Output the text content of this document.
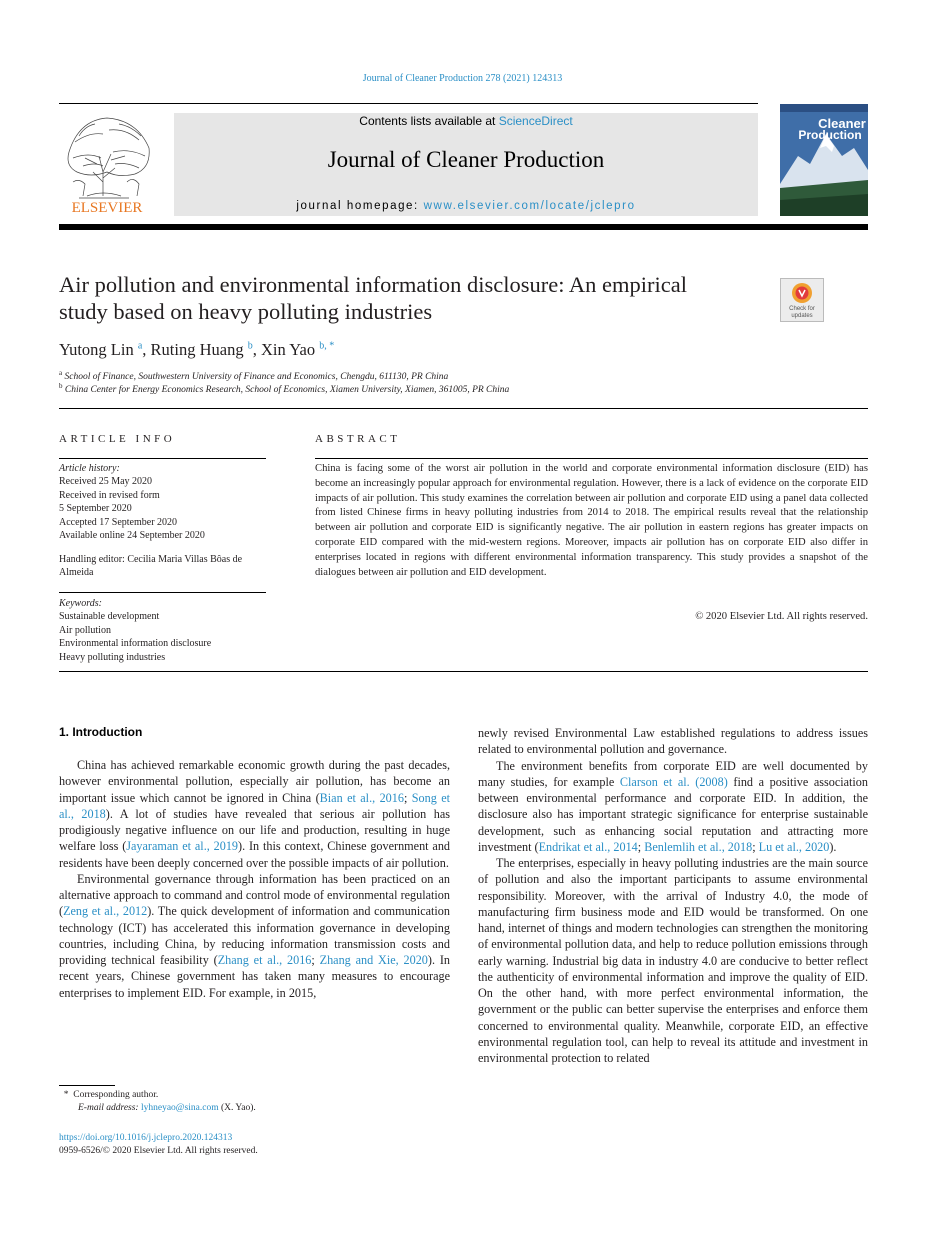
Journal of Cleaner Production 278 (2021) 124313
ELSEVIER
Contents lists available at ScienceDirect
Journal of Cleaner Production
journal homepage: www.elsevier.com/locate/jclepro
Cleaner
Production
Air pollution and environmental information disclosure: An empirical
study based on heavy polluting industries	Check for
updates
Yutong Lin $^a$, Ruting Huang $^b$, Xin Yao $^{b, *}$
$^a$ School of Finance, Southwestern University of Finance and Economics, Chengdu, 611130, PR China
$^b$ China Center for Energy Economics Research, School of Economics, Xiamen University, Xiamen, 361005, PR China
ARTICLE INFO
Article history:
Received 25 May 2020
Received in revised form
5 September 2020
Accepted 17 September 2020
Available online 24 September 2020
Handling editor: Cecilia Maria Villas Bôas de
Almeida
Keywords:
Sustainable development
Air pollution
Environmental information disclosure
Heavy polluting industries
ABSTRACT
China is facing some of the worst air pollution in the world and corporate environmental information disclosure (EID) has become an increasingly popular approach for environmental regulation. However, there is a lack of evidence on the corporate EID impacts of air pollution. This study examines the correlation between air pollution and corporate EID using a panel data collected from listed Chinese firms in heavy polluting industries from 2014 to 2018. The empirical results reveal that the relationship between air pollution and corporate EID is significantly negative. The air pollution in eastern regions has greater impacts on corporate EID compared with the mid-western regions. Moreover, impacts air pollution has on corporate EID also differ in enterprises located in regions with different environmental information transparency. This study provides a snapshot of the dialogues between air pollution and EID development.
© 2020 Elsevier Ltd. All rights reserved.
1. Introduction

China has achieved remarkable economic growth during the past decades, however environmental pollution, especially air pollution, has become an important issue which cannot be ignored in China (Bian et al., 2016; Song et al., 2018). A lot of studies have revealed that serious air pollution has prodigiously negative influence on our life and production, resulting in huge welfare loss (Jayaraman et al., 2019). In this context, Chinese government and residents have been deeply concerned over the possible impacts of air pollution.

Environmental governance through information has been practiced on an alternative approach to command and control mode of environmental regulation (Zeng et al., 2012). The quick development of information and communication technology (ICT) has accelerated this information governance in developing countries, including China, by reducing information transmission costs and providing technical feasibility (Zhang et al., 2016; Zhang and Xie, 2020). In recent years, Chinese government has taken many measures to encourage enterprises to implement EID. For example, in 2015,

newly revised Environmental Law established regulations to address issues related to environmental pollution and governance.

The environment benefits from corporate EID are well documented by many studies, for example Clarson et al. (2008) find a positive association between environmental performance and corporate EID. In addition, the disclosure also has important strategic significance for enterprise sustainable development, such as enhancing social reputation and attracting more investment (Endrikat et al., 2014; Benlemlih et al., 2018; Lu et al., 2020).

The enterprises, especially in heavy polluting industries are the main source of pollution and also the important participants to assume environmental responsibility. Moreover, with the arrival of Industry 4.0, the mode of manufacturing firm business mode and EID would be transformed. On one hand, internet of things and modern technologies can strengthen the monitoring of environmental pollution data, and help to reduce pollution emissions through early warning. Industrial big data in industry 4.0 are conducive to better reflect the authenticity of environmental information and improve the quality of EID. On the other hand, with more perfect environmental information, the government or the public can better supervise the enterprises and enforce them concerned to environmental quality. Meanwhile, corporate EID, an effective environmental regulation tool, can help to reveal its attitude and investment in environmental protection to related

* Corresponding author.
E-mail address: lyhneyao@sina.com (X. Yao).
https://doi.org/10.1016/j.jclepro.2020.124313
0959-6526/© 2020 Elsevier Ltd. All rights reserved.
